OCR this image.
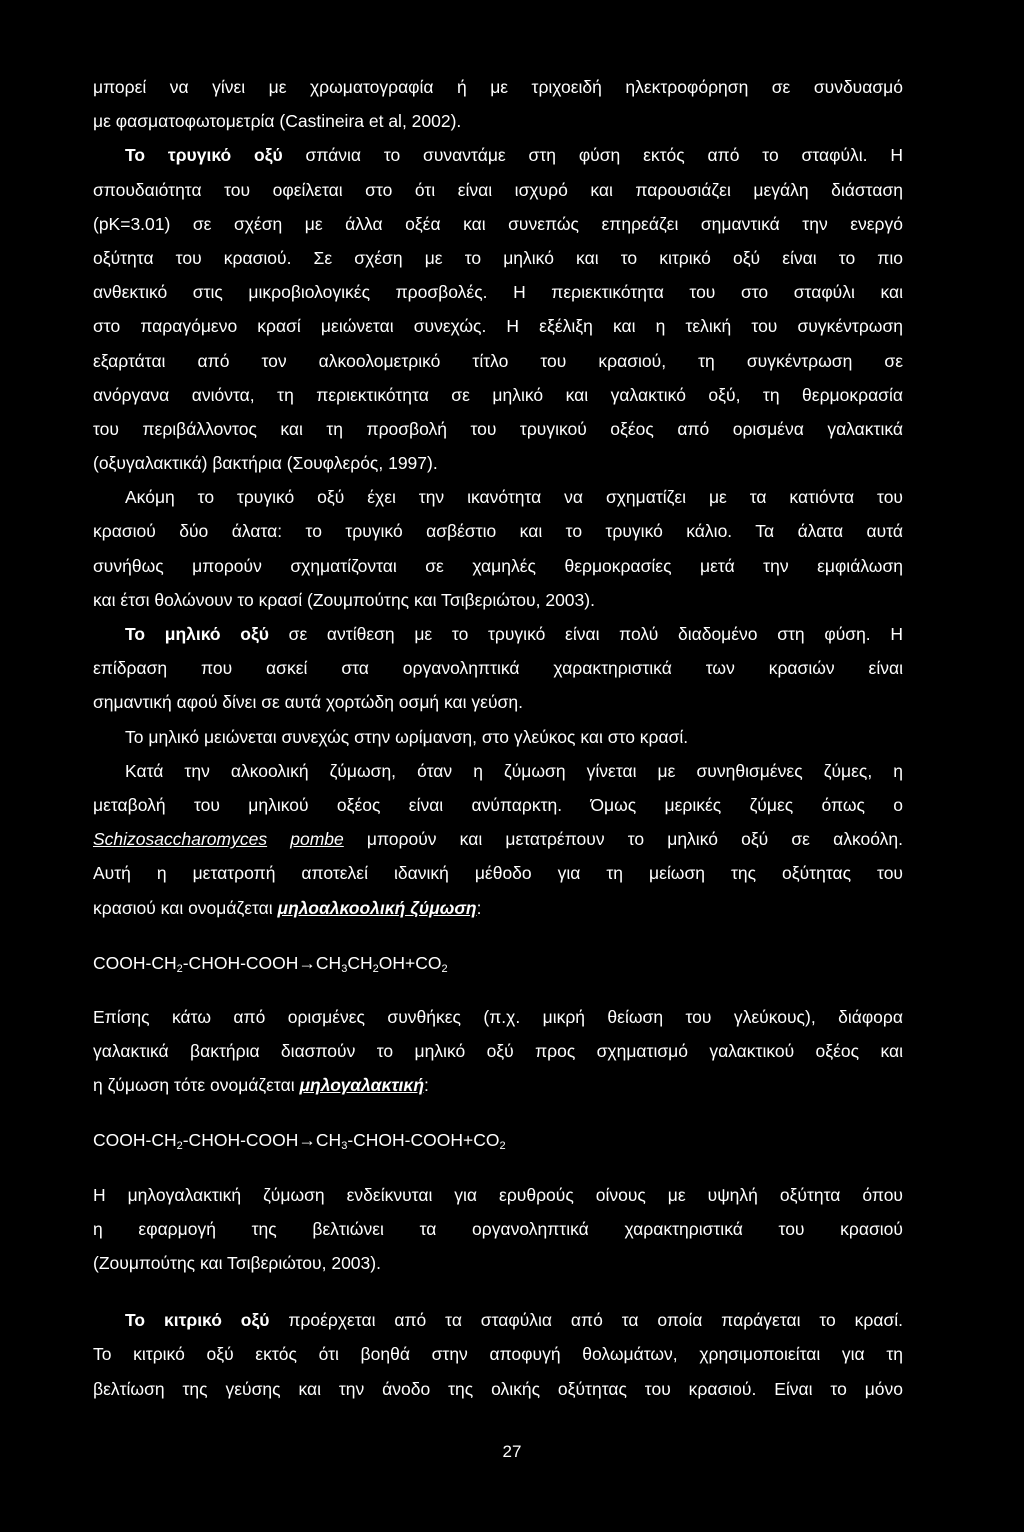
μπορεί να γίνει με χρωματογραφία ή με τριχοειδή ηλεκτροφόρηση σε συνδυασμό
με φασματοφωτομετρία (Castineira et al, 2002).
Το τρυγικό οξύ σπάνια το συναντάμε στη φύση εκτός από το σταφύλι. Η
σπουδαιότητα του οφείλεται στο ότι είναι ισχυρό και παρουσιάζει μεγάλη διάσταση
(pK=3.01) σε σχέση με άλλα οξέα και συνεπώς επηρεάζει σημαντικά την ενεργό
οξύτητα του κρασιού. Σε σχέση με το μηλικό και το κιτρικό οξύ είναι το πιο
ανθεκτικό στις μικροβιολογικές προσβολές. Η περιεκτικότητα του στο σταφύλι και
στο παραγόμενο κρασί μειώνεται συνεχώς. Η εξέλιξη και η τελική του συγκέντρωση
εξαρτάται από τον αλκοολομετρικό τίτλο του κρασιού, τη συγκέντρωση σε
ανόργανα ανιόντα, τη περιεκτικότητα σε μηλικό και γαλακτικό οξύ, τη θερμοκρασία
του περιβάλλοντος και τη προσβολή του τρυγικού οξέος από ορισμένα γαλακτικά
(οξυγαλακτικά) βακτήρια (Σουφλερός, 1997).
Ακόμη το τρυγικό οξύ έχει την ικανότητα να σχηματίζει με τα κατιόντα του
κρασιού δύο άλατα: το τρυγικό ασβέστιο και το τρυγικό κάλιο. Τα άλατα αυτά
συνήθως μπορούν σχηματίζονται σε χαμηλές θερμοκρασίες μετά την εμφιάλωση
και έτσι θολώνουν το κρασί (Ζουμπούτης και Τσιβεριώτου, 2003).
Το μηλικό οξύ σε αντίθεση με το τρυγικό είναι πολύ διαδομένο στη φύση. Η
επίδραση που ασκεί στα οργανοληπτικά χαρακτηριστικά των κρασιών είναι
σημαντική αφού δίνει σε αυτά χορτώδη οσμή και γεύση.
Το μηλικό μειώνεται συνεχώς στην ωρίμανση, στο γλεύκος και στο κρασί.
Κατά την αλκοολική ζύμωση, όταν η ζύμωση γίνεται με συνηθισμένες ζύμες, η
μεταβολή του μηλικού οξέος είναι ανύπαρκτη. Όμως μερικές ζύμες όπως ο
Schizosaccharomyces pombe μπορούν και μετατρέπουν το μηλικό οξύ σε αλκοόλη.
Αυτή η μετατροπή αποτελεί ιδανική μέθοδο για τη μείωση της οξύτητας του
κρασιού και ονομάζεται μηλοαλκοολική ζύμωση:
COOH-$CH_2-CHOH-COOH\to CH_3CH_2OH+CO_2$
Επίσης κάτω από ορισμένες συνθήκες (π.χ. μικρή θείωση του γλεύκους), διάφορα
γαλακτικά βακτήρια διασπούν το μηλικό οξύ προς σχηματισμό γαλακτικού οξέος και
η ζύμωση τότε ονομάζεται μηλογαλακτική:
COOH-$CH_2-CHOH-COOH\to CH_3-CHOH-COOH+CO_2$
Η μηλογαλακτική ζύμωση ενδείκνυται για ερυθρούς οίνους με υψηλή οξύτητα όπου
η εφαρμογή της βελτιώνει τα οργανοληπτικά χαρακτηριστικά του κρασιού
(Ζουμπούτης και Τσιβεριώτου, 2003).
Το κιτρικό οξύ προέρχεται από τα σταφύλια από τα οποία παράγεται το κρασί.
Το κιτρικό οξύ εκτός ότι βοηθά στην αποφυγή θολωμάτων, χρησιμοποιείται για τη
βελτίωση της γεύσης και την άνοδο της ολικής οξύτητας του κρασιού. Είναι το μόνο
27
